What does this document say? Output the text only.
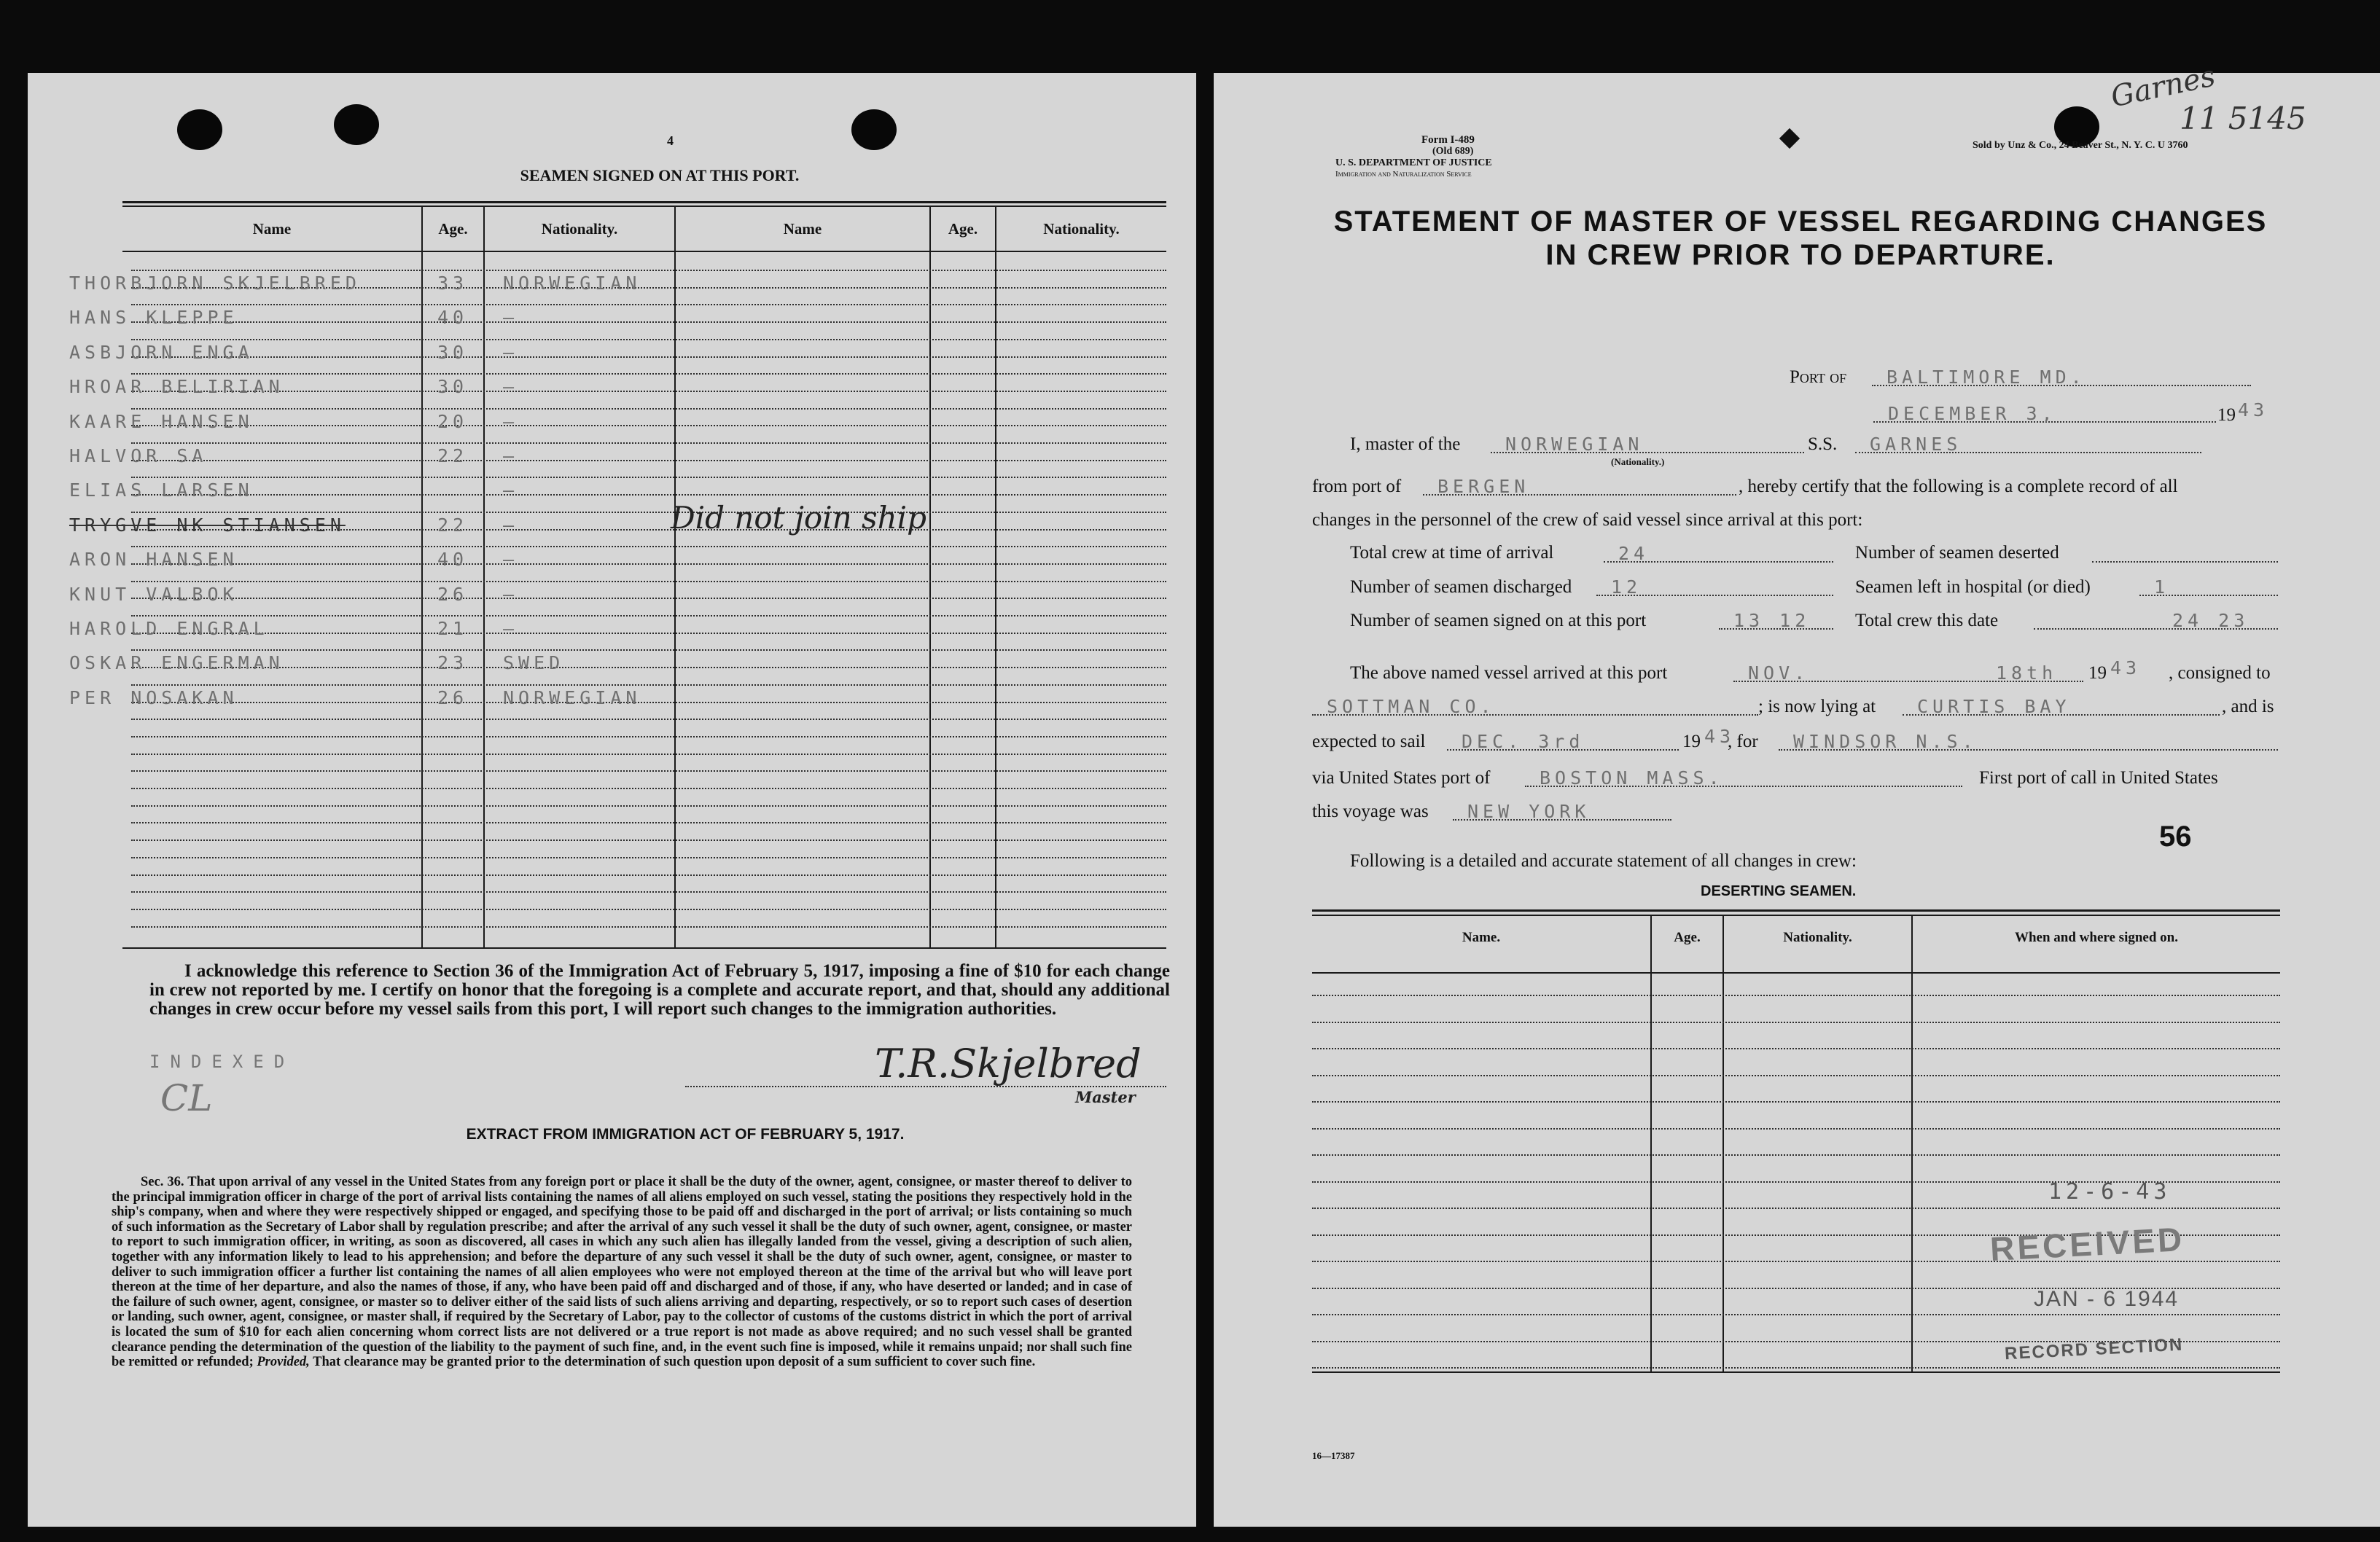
4
SEAMEN SIGNED ON AT THIS PORT.
Name	Age.	Nationality.	Name	Age.	Nationality.
THORBJORN SKJELBRED	33 NORWEGIAN
HANS KLEPPE	40 —
ASBJORN ENGA	30 —
HROAR BELIRIAN	30 —
KAARE HANSEN	20 —
HALVOR SA	22 —
ELIAS LARSEN	—
TRYGVE NK STIANSEN	22 —
ARON HANSEN	40 —
KNUT VALBOK	26 —
HAROLD ENGRAL	21 —
OSKAR ENGERMAN	23 SWED
PER NOSAKAN	26 NORWEGIAN
Did not join ship

I acknowledge this reference to Section 36 of the Immigration Act of February 5, 1917, imposing a fine of $10 for each change in crew not reported by me. I certify on honor that the foregoing is a complete and accurate report, and that, should any additional changes in crew occur before my vessel sails from this port, I will report such changes to the immigration authorities.

INDEXED
CL
T.R.Skjelbred
Master
EXTRACT FROM IMMIGRATION ACT OF FEBRUARY 5, 1917.
Sec. 36. That upon arrival of any vessel in the United States from any foreign port or place it shall be the duty of the owner, agent, consignee, or master thereof to deliver to the principal immigration officer in charge of the port of arrival lists containing the names of all aliens employed on such vessel, stating the positions they respectively hold in the ship's company, when and where they were respectively shipped or engaged, and specifying those to be paid off and discharged in the port of arrival; or lists containing so much of such information as the Secretary of Labor shall by regulation prescribe; and after the arrival of any such vessel it shall be the duty of such owner, agent, consignee, or master to report to such immigration officer, in writing, as soon as discovered, all cases in which any such alien has illegally landed from the vessel, giving a description of such alien, together with any information likely to lead to his apprehension; and before the departure of any such vessel it shall be the duty of such owner, agent, consignee, or master to deliver to such immigration officer a further list containing the names of all alien employees who were not employed thereon at the time of the arrival but who will leave port thereon at the time of her departure, and also the names of those, if any, who have been paid off and discharged and of those, if any, who have deserted or landed; and in case of the failure of such owner, agent, consignee, or master so to deliver either of the said lists of such aliens arriving and departing, respectively, or so to report such cases of desertion or landing, such owner, agent, consignee, or master shall, if required by the Secretary of Labor, pay to the collector of customs of the customs district in which the port of arrival is located the sum of $10 for each alien concerning whom correct lists are not delivered or a true report is not made as above required; and no such vessel shall be granted clearance pending the determination of the question of the liability to the payment of such fine, and, in the event such fine is imposed, while it remains unpaid; nor shall such fine be remitted or refunded; Provided, That clearance may be granted prior to the determination of such question upon deposit of a sum sufficient to cover such fine.
Form I-489
(Old 689)
U. S. DEPARTMENT OF JUSTICE
Immigration and Naturalization Service
Sold by Unz & Co., 24 Beaver St., N. Y. C. U 3760
Garnes
11 5145
STATEMENT OF MASTER OF VESSEL REGARDING CHANGES
IN CREW PRIOR TO DEPARTURE.
Port of BALTIMORE MD.
DECEMBER 3,	19 43
I, master of the NORWEGIAN
(Nationality.)
S.S. GARNES
from port of BERGEN	, hereby certify that the following is a complete record of all
changes in the personnel of the crew of said vessel since arrival at this port:
Total crew at time of arrival	24	Number of seamen deserted
Number of seamen discharged 12	Seamen left in hospital (or died)	1
Number of seamen signed on at this port	13 12 Total crew this date	24 23
The above named vessel arrived at this port	NOV.	18th 19 43 , consigned to
SOTTMAN CO.	; is now lying at CURTIS BAY	, and is
expected to sail DEC. 3rd	19 43
, for WINDSOR N.S.
via United States port of	BOSTON MASS.	First port of call in United States
this voyage was NEW YORK
56
Following is a detailed and accurate statement of all changes in crew:
DESERTING SEAMEN.
Name.	Age.	Nationality.	When and where signed on.
12-6-43
RECEIVED
JAN - 6 1944
RECORD SECTION
16—17387
